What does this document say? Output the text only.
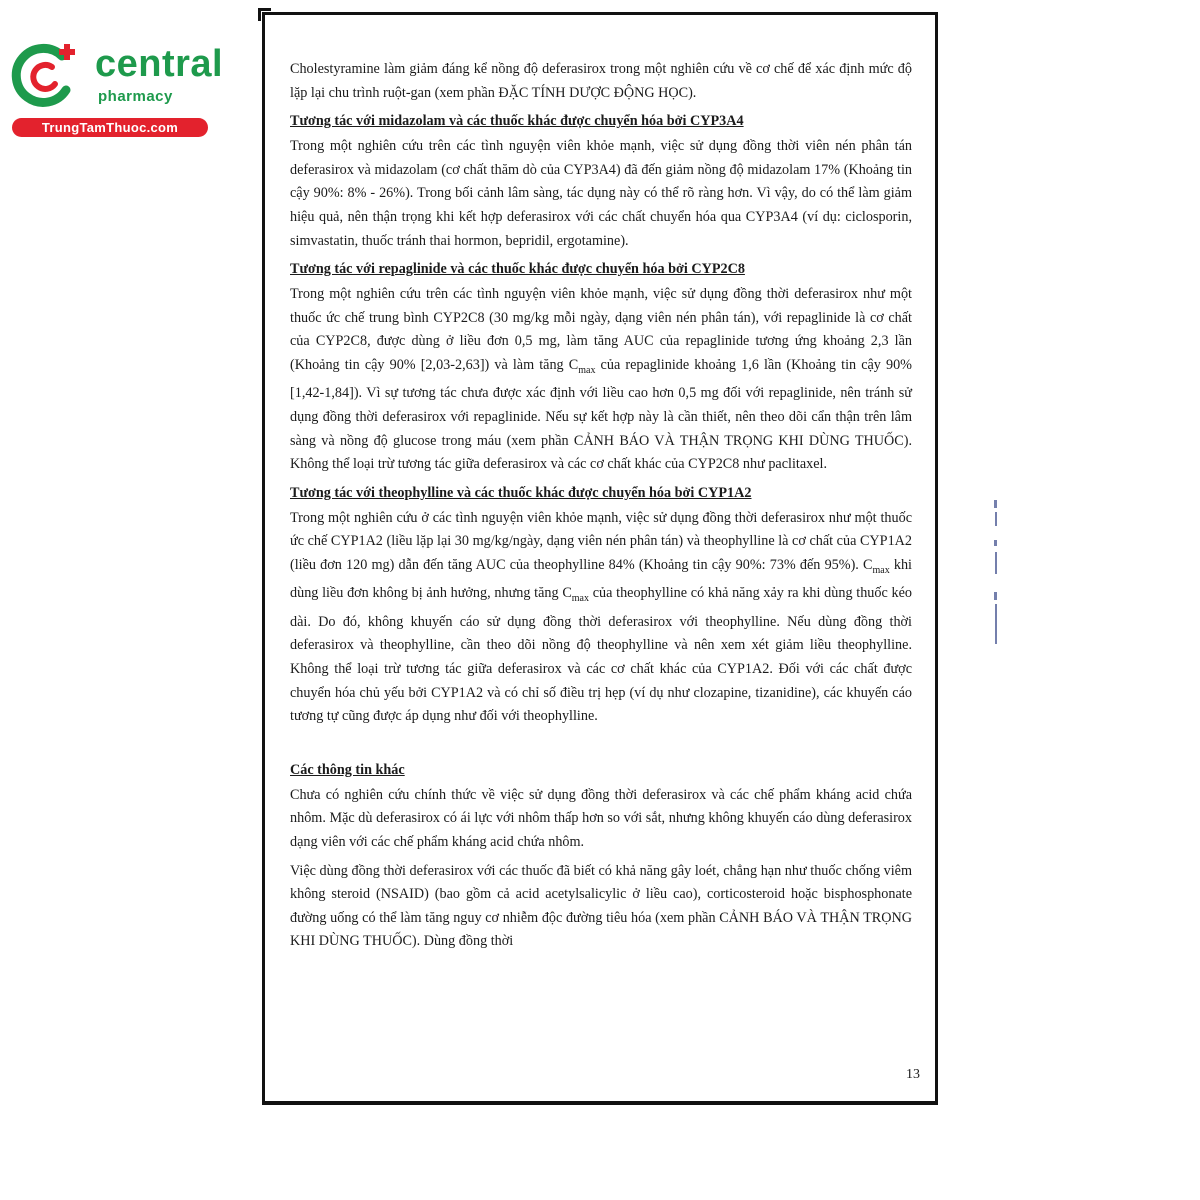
central
pharmacy
TrungTamThuoc.com

Cholestyramine làm giảm đáng kể nồng độ deferasirox trong một nghiên cứu về cơ chế để xác định mức độ lặp lại chu trình ruột-gan (xem phần ĐẶC TÍNH DƯỢC ĐỘNG HỌC).

Tương tác với midazolam và các thuốc khác được chuyển hóa bởi CYP3A4

Trong một nghiên cứu trên các tình nguyện viên khỏe mạnh, việc sử dụng đồng thời viên nén phân tán deferasirox và midazolam (cơ chất thăm dò của CYP3A4) đã đến giảm nồng độ midazolam 17% (Khoảng tin cậy 90%: 8% - 26%). Trong bối cảnh lâm sàng, tác dụng này có thể rõ ràng hơn. Vì vậy, do có thể làm giảm hiệu quả, nên thận trọng khi kết hợp deferasirox với các chất chuyển hóa qua CYP3A4 (ví dụ: ciclosporin, simvastatin, thuốc tránh thai hormon, bepridil, ergotamine).

Tương tác với repaglinide và các thuốc khác được chuyển hóa bởi CYP2C8

Trong một nghiên cứu trên các tình nguyện viên khỏe mạnh, việc sử dụng đồng thời deferasirox như một thuốc ức chế trung bình CYP2C8 (30 mg/kg mỗi ngày, dạng viên nén phân tán), với repaglinide là cơ chất của CYP2C8, được dùng ở liều đơn 0,5 mg, làm tăng AUC của repaglinide tương ứng khoảng 2,3 lần (Khoảng tin cậy 90% [2,03-2,63]) và làm tăng $C_{max}$ của repaglinide khoảng 1,6 lần (Khoảng tin cậy 90% [1,42-1,84]). Vì sự tương tác chưa được xác định với liều cao hơn 0,5 mg đối với repaglinide, nên tránh sử dụng đồng thời deferasirox với repaglinide. Nếu sự kết hợp này là cần thiết, nên theo dõi cẩn thận trên lâm sàng và nồng độ glucose trong máu (xem phần CẢNH BÁO VÀ THẬN TRỌNG KHI DÙNG THUỐC). Không thể loại trừ tương tác giữa deferasirox và các cơ chất khác của CYP2C8 như paclitaxel.

Tương tác với theophylline và các thuốc khác được chuyển hóa bởi CYP1A2

Trong một nghiên cứu ở các tình nguyện viên khỏe mạnh, việc sử dụng đồng thời deferasirox như một thuốc ức chế CYP1A2 (liều lặp lại 30 mg/kg/ngày, dạng viên nén phân tán) và theophylline là cơ chất của CYP1A2 (liều đơn 120 mg) dẫn đến tăng AUC của theophylline 84% (Khoảng tin cậy 90%: 73% đến 95%). $C_{max}$ khi dùng liều đơn không bị ảnh hưởng, nhưng tăng $C_{max}$ của theophylline có khả năng xảy ra khi dùng thuốc kéo dài. Do đó, không khuyến cáo sử dụng đồng thời deferasirox với theophylline. Nếu dùng đồng thời deferasirox và theophylline, cần theo dõi nồng độ theophylline và nên xem xét giảm liều theophylline. Không thể loại trừ tương tác giữa deferasirox và các cơ chất khác của CYP1A2. Đối với các chất được chuyển hóa chủ yếu bởi CYP1A2 và có chỉ số điều trị hẹp (ví dụ như clozapine, tizanidine), các khuyến cáo tương tự cũng được áp dụng như đối với theophylline.

Các thông tin khác

Chưa có nghiên cứu chính thức về việc sử dụng đồng thời deferasirox và các chế phẩm kháng acid chứa nhôm. Mặc dù deferasirox có ái lực với nhôm thấp hơn so với sắt, nhưng không khuyến cáo dùng deferasirox dạng viên với các chế phẩm kháng acid chứa nhôm.

Việc dùng đồng thời deferasirox với các thuốc đã biết có khả năng gây loét, chẳng hạn như thuốc chống viêm không steroid (NSAID) (bao gồm cả acid acetylsalicylic ở liều cao), corticosteroid hoặc bisphosphonate đường uống có thể làm tăng nguy cơ nhiễm độc đường tiêu hóa (xem phần CẢNH BÁO VÀ THẬN TRỌNG KHI DÙNG THUỐC). Dùng đồng thời

13
